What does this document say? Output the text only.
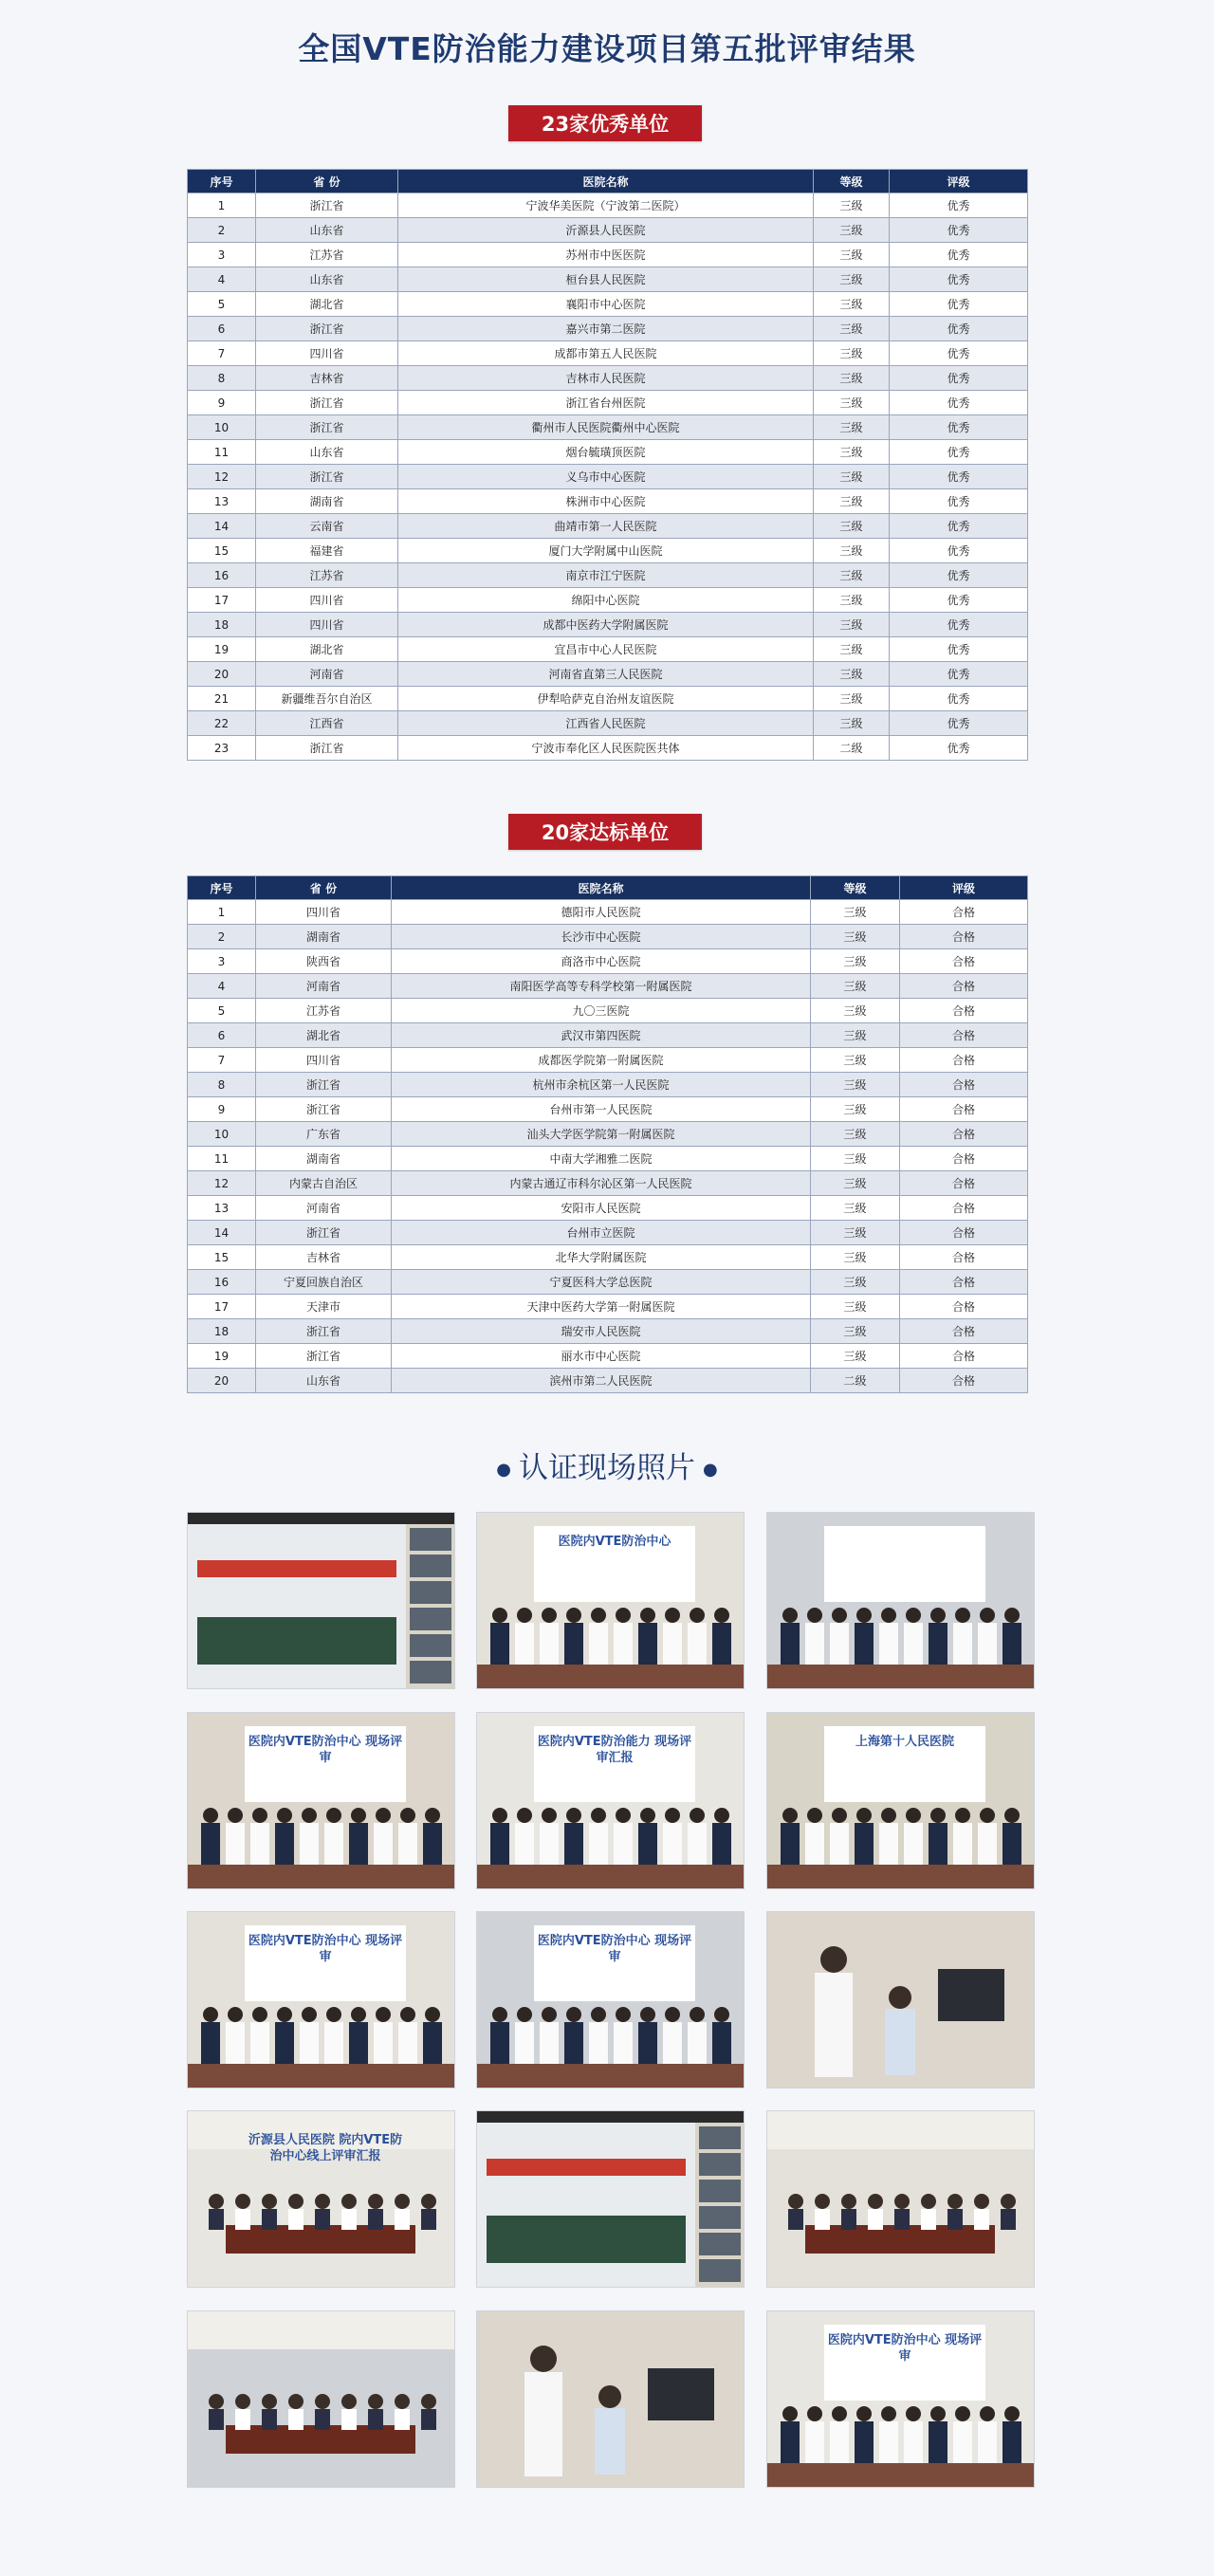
全国VTE防治能力建设项目第五批评审结果
23家优秀单位
序号	省 份	医院名称	等级	评级
1	浙江省	宁波华美医院（宁波第二医院）	三级	优秀
2	山东省	沂源县人民医院	三级	优秀
3	江苏省	苏州市中医医院	三级	优秀
4	山东省	桓台县人民医院	三级	优秀
5	湖北省	襄阳市中心医院	三级	优秀
6	浙江省	嘉兴市第二医院	三级	优秀
7	四川省	成都市第五人民医院	三级	优秀
8	吉林省	吉林市人民医院	三级	优秀
9	浙江省	浙江省台州医院	三级	优秀
10	浙江省	衢州市人民医院衢州中心医院	三级	优秀
11	山东省	烟台毓璜顶医院	三级	优秀
12	浙江省	义乌市中心医院	三级	优秀
13	湖南省	株洲市中心医院	三级	优秀
14	云南省	曲靖市第一人民医院	三级	优秀
15	福建省	厦门大学附属中山医院	三级	优秀
16	江苏省	南京市江宁医院	三级	优秀
17	四川省	绵阳中心医院	三级	优秀
18	四川省	成都中医药大学附属医院	三级	优秀
19	湖北省	宜昌市中心人民医院	三级	优秀
20	河南省	河南省直第三人民医院	三级	优秀
21	新疆维吾尔自治区	伊犁哈萨克自治州友谊医院	三级	优秀
22	江西省	江西省人民医院	三级	优秀
23	浙江省	宁波市奉化区人民医院医共体	二级	优秀
20家达标单位
序号	省 份	医院名称	等级	评级
1	四川省	德阳市人民医院	三级	合格
2	湖南省	长沙市中心医院	三级	合格
3	陕西省	商洛市中心医院	三级	合格
4	河南省	南阳医学高等专科学校第一附属医院	三级	合格
5	江苏省	九〇三医院	三级	合格
6	湖北省	武汉市第四医院	三级	合格
7	四川省	成都医学院第一附属医院	三级	合格
8	浙江省	杭州市余杭区第一人民医院	三级	合格
9	浙江省	台州市第一人民医院	三级	合格
10	广东省	汕头大学医学院第一附属医院	三级	合格
11	湖南省	中南大学湘雅二医院	三级	合格
12	内蒙古自治区	内蒙古通辽市科尔沁区第一人民医院	三级	合格
13	河南省	安阳市人民医院	三级	合格
14	浙江省	台州市立医院	三级	合格
15	吉林省	北华大学附属医院	三级	合格
16	宁夏回族自治区	宁夏医科大学总医院	三级	合格
17	天津市	天津中医药大学第一附属医院	三级	合格
18	浙江省	瑞安市人民医院	三级	合格
19	浙江省	丽水市中心医院	三级	合格
20	山东省	滨州市第二人民医院	二级	合格
● 认证现场照片 ●
医院内VTE防治中心
医院内VTE防治中心 现场评审
医院内VTE防治能力 现场评审汇报
上海第十人民医院
医院内VTE防治中心 现场评审
医院内VTE防治中心 现场评审
沂源县人民医院 院内VTE防治中心线上评审汇报
医院内VTE防治中心 现场评审
